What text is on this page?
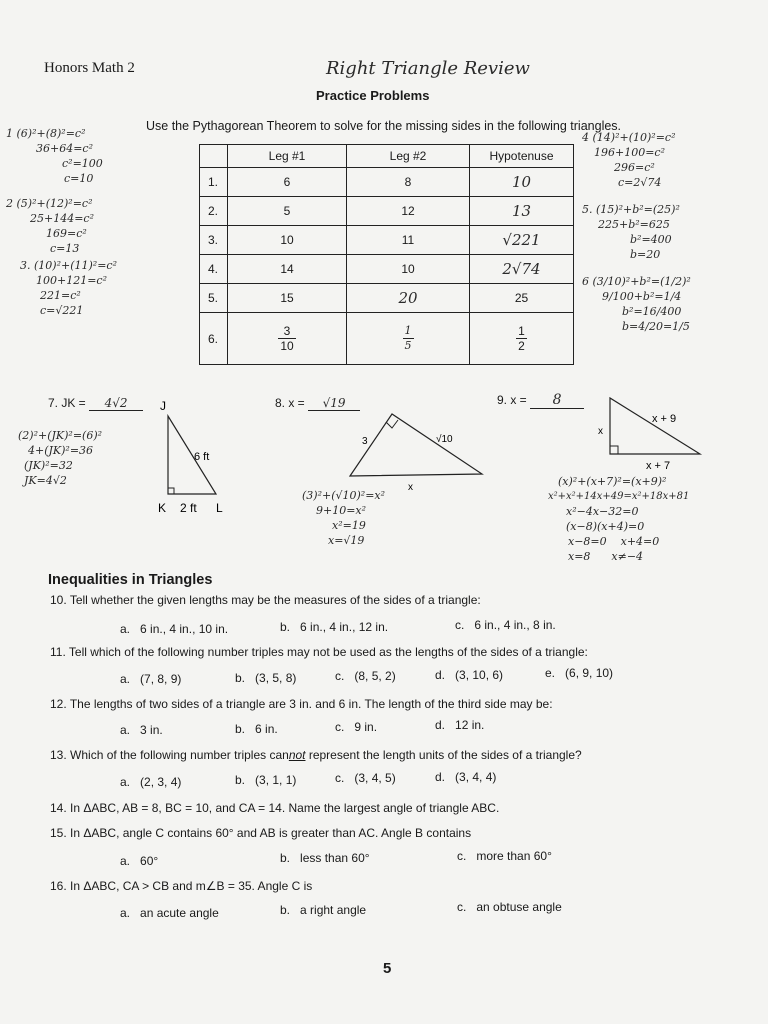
Honors Math 2	Right Triangle Review
Practice Problems
Use the Pythagorean Theorem to solve for the missing sides in the following triangles.
	Leg #1	Leg #2	Hypotenuse
1.	6	8	10
2.	5	12	13
3.	10	11	√221
4.	14	10	2√74
5.	15	20	25
6.	$\frac{3}{10}$	$\frac{1}{5}$	$\frac{1}{2}$
1 (6)²+(8)²=c²
36+64=c²
c²=100
c=10
2 (5)²+(12)²=c²
25+144=c²
169=c²
c=13
3. (10)²+(11)²=c²
100+121=c²
221=c²
c=√221
4 (14)²+(10)²=c²
196+100=c²
296=c²
c=2√74
5. (15)²+b²=(25)²
225+b²=625
b²=400
b=20
6 (3/10)²+b²=(1/2)²
9/100+b²=1/4
b²=16/400
b=4/20=1/5
7. JK = 4√2	J
K	L
6 ft
2 ft
(2)²+(JK)²=(6)²
4+(JK)²=36
(JK)²=32
JK=4√2
8. x = √19
3	√10
x
(3)²+(√10)²=x²
9+10=x²
x²=19
x=√19
9. x = 8
x
x + 9
x + 7
(x)²+(x+7)²=(x+9)²
x²+x²+14x+49=x²+18x+81
x²−4x−32=0
(x−8)(x+4)=0
x−8=0    x+4=0
x=8      x≠−4
Inequalities in Triangles
10. Tell whether the given lengths may be the measures of the sides of a triangle:
a. 6 in., 4 in., 10 in.	b. 6 in., 4 in., 12 in.	c. 6 in., 4 in., 8 in.
11. Tell which of the following number triples may not be used as the lengths of the sides of a triangle:
a. (7, 8, 9)	b. (3, 5, 8)	c. (8, 5, 2)	d. (3, 10, 6)	e. (6, 9, 10)
12. The lengths of two sides of a triangle are 3 in. and 6 in. The length of the third side may be:
a. 3 in.	b. 6 in.	c. 9 in.	d. 12 in.
13. Which of the following number triples cannot represent the length units of the sides of a triangle?
a. (2, 3, 4)	b. (3, 1, 1)	c. (3, 4, 5)	d. (3, 4, 4)
14. In ΔABC, AB = 8, BC = 10, and CA = 14. Name the largest angle of triangle ABC.
15. In ΔABC, angle C contains 60° and AB is greater than AC. Angle B contains
a. 60°	b. less than 60°	c. more than 60°
16. In ΔABC, CA > CB and m∠B = 35. Angle C is
a. an acute angle	b. a right angle	c. an obtuse angle
5
